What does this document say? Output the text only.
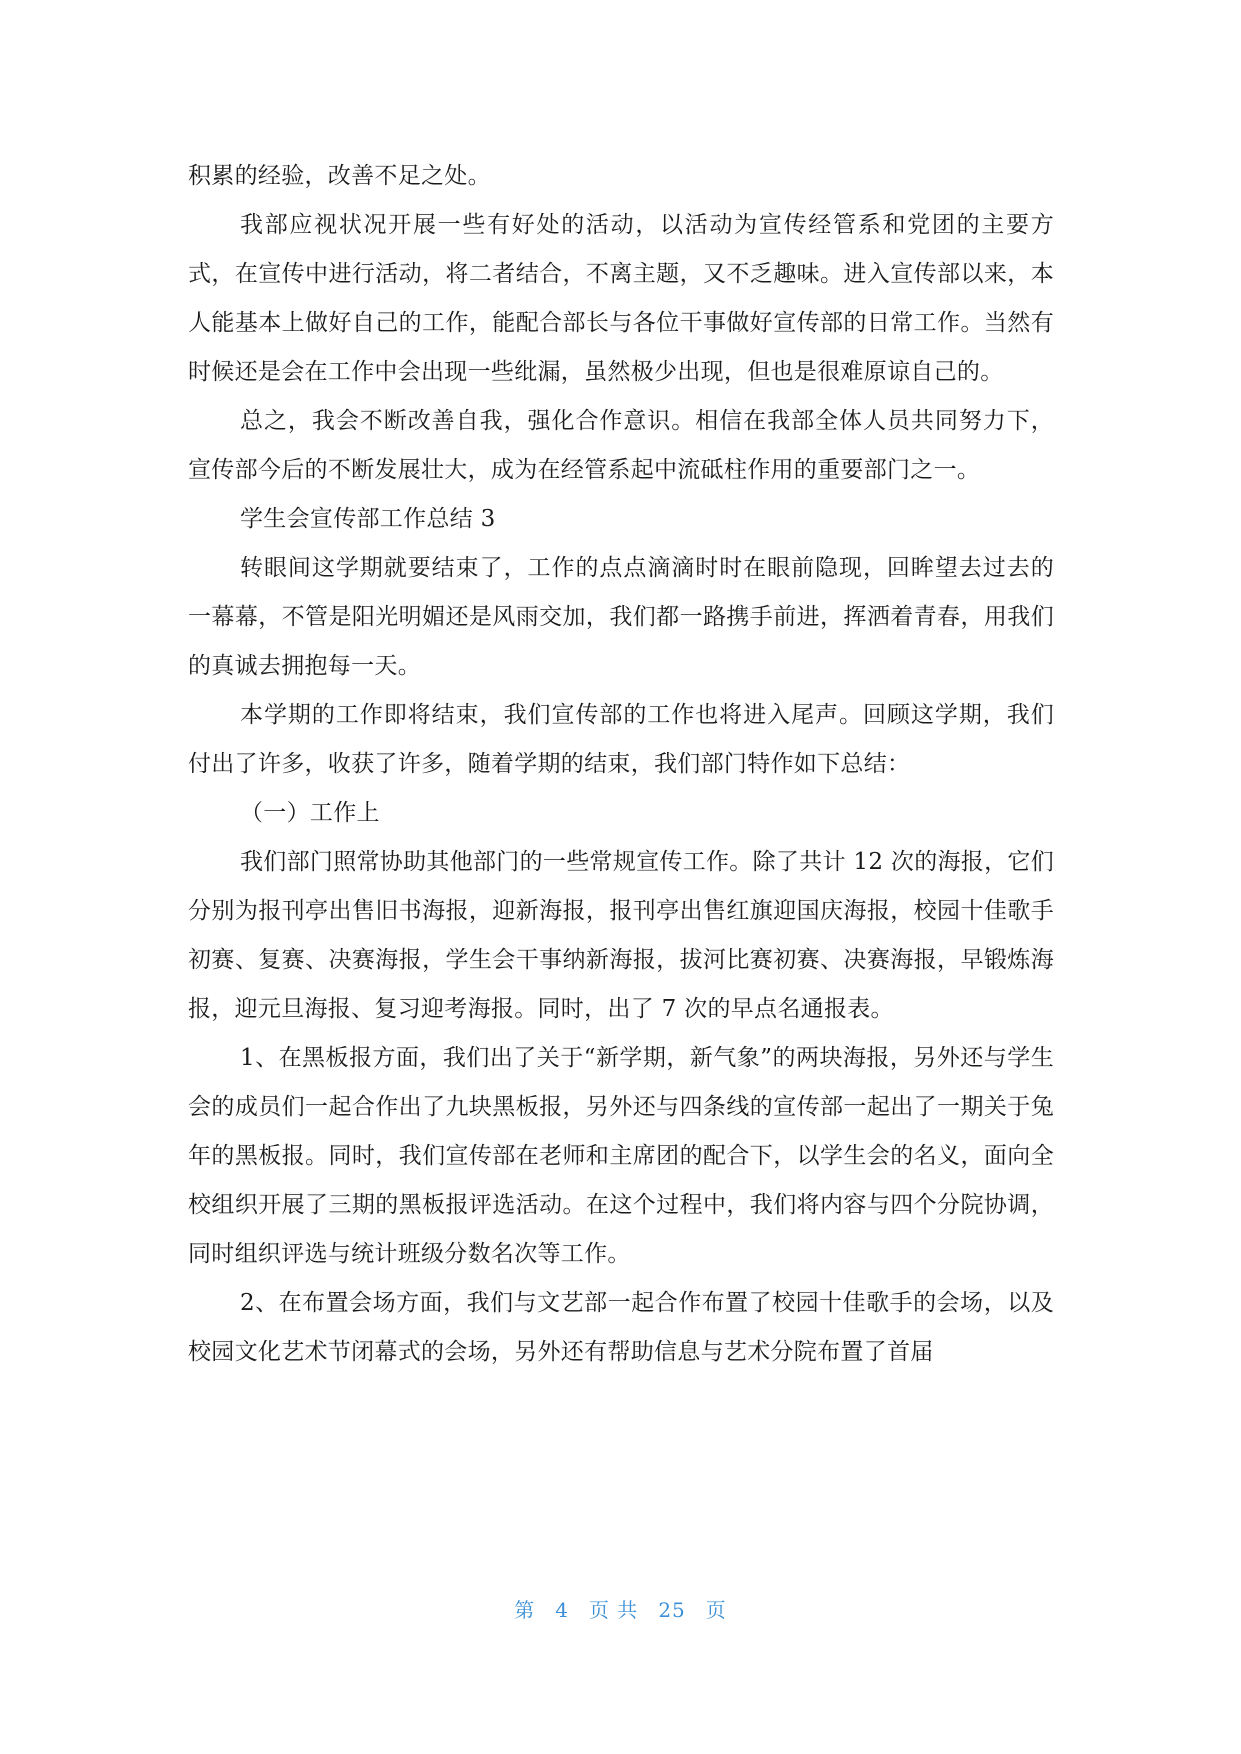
积累的经验，改善不足之处。

我部应视状况开展一些有好处的活动，以活动为宣传经管系和党团的主要方式，在宣传中进行活动，将二者结合，不离主题，又不乏趣味。进入宣传部以来，本人能基本上做好自己的工作，能配合部长与各位干事做好宣传部的日常工作。当然有时候还是会在工作中会出现一些纰漏，虽然极少出现，但也是很难原谅自己的。

总之，我会不断改善自我，强化合作意识。相信在我部全体人员共同努力下，宣传部今后的不断发展壮大，成为在经管系起中流砥柱作用的重要部门之一。

学生会宣传部工作总结 3

转眼间这学期就要结束了，工作的点点滴滴时时在眼前隐现，回眸望去过去的一幕幕，不管是阳光明媚还是风雨交加，我们都一路携手前进，挥洒着青春，用我们的真诚去拥抱每一天。

本学期的工作即将结束，我们宣传部的工作也将进入尾声。回顾这学期，我们付出了许多，收获了许多，随着学期的结束，我们部门特作如下总结：

（一）工作上

我们部门照常协助其他部门的一些常规宣传工作。除了共计 12 次的海报，它们分别为报刊亭出售旧书海报，迎新海报，报刊亭出售红旗迎国庆海报，校园十佳歌手初赛、复赛、决赛海报，学生会干事纳新海报，拔河比赛初赛、决赛海报，早锻炼海报，迎元旦海报、复习迎考海报。同时，出了 7 次的早点名通报表。

1、在黑板报方面，我们出了关于“新学期，新气象”的两块海报，另外还与学生会的成员们一起合作出了九块黑板报，另外还与四条线的宣传部一起出了一期关于兔年的黑板报。同时，我们宣传部在老师和主席团的配合下，以学生会的名义，面向全校组织开展了三期的黑板报评选活动。在这个过程中，我们将内容与四个分院协调，同时组织评选与统计班级分数名次等工作。

2、在布置会场方面，我们与文艺部一起合作布置了校园十佳歌手的会场，以及校园文化艺术节闭幕式的会场，另外还有帮助信息与艺术分院布置了首届

第 4 页 共 25 页
